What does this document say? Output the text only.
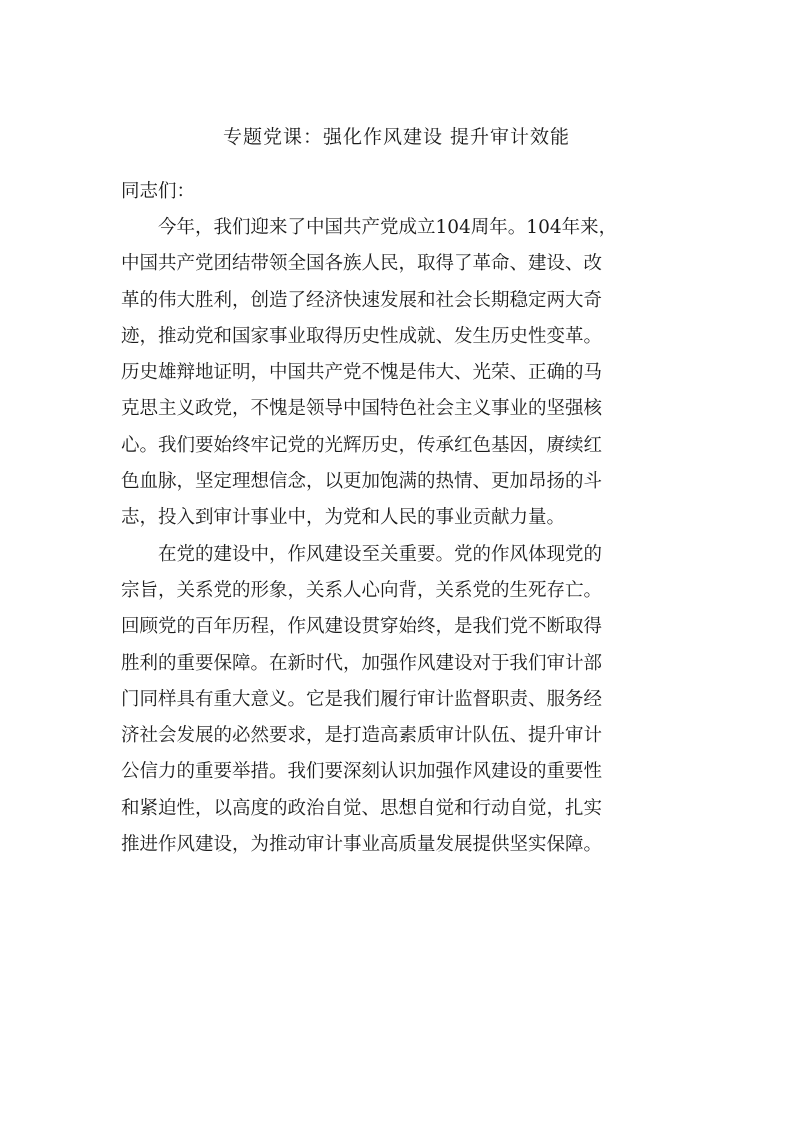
专题党课：强化作风建设 提升审计效能
同志们：
今年，我们迎来了中国共产党成立104周年。104年来，
中国共产党团结带领全国各族人民，取得了革命、建设、改
革的伟大胜利，创造了经济快速发展和社会长期稳定两大奇
迹，推动党和国家事业取得历史性成就、发生历史性变革。
历史雄辩地证明，中国共产党不愧是伟大、光荣、正确的马
克思主义政党，不愧是领导中国特色社会主义事业的坚强核
心。我们要始终牢记党的光辉历史，传承红色基因，赓续红
色血脉，坚定理想信念，以更加饱满的热情、更加昂扬的斗
志，投入到审计事业中，为党和人民的事业贡献力量。
在党的建设中，作风建设至关重要。党的作风体现党的
宗旨，关系党的形象，关系人心向背，关系党的生死存亡。
回顾党的百年历程，作风建设贯穿始终，是我们党不断取得
胜利的重要保障。在新时代，加强作风建设对于我们审计部
门同样具有重大意义。它是我们履行审计监督职责、服务经
济社会发展的必然要求，是打造高素质审计队伍、提升审计
公信力的重要举措。我们要深刻认识加强作风建设的重要性
和紧迫性，以高度的政治自觉、思想自觉和行动自觉，扎实
推进作风建设，为推动审计事业高质量发展提供坚实保障。
